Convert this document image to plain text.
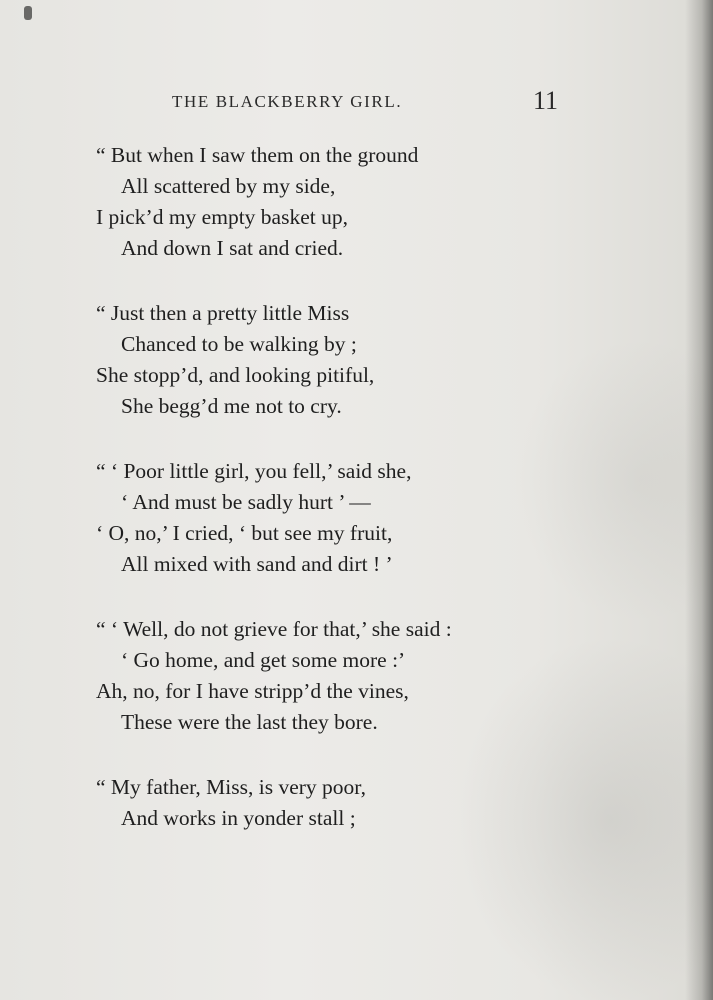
THE BLACKBERRY GIRL.	11
“ But when I saw them on the ground
All scattered by my side,
I pick’d my empty basket up,
And down I sat and cried.
“ Just then a pretty little Miss
Chanced to be walking by ;
She stopp’d, and looking pitiful,
She begg’d me not to cry.
“ ‘ Poor little girl, you fell,’ said she,
‘ And must be sadly hurt ’ —
‘ O, no,’ I cried, ‘ but see my fruit,
All mixed with sand and dirt ! ’
“ ‘ Well, do not grieve for that,’ she said :
‘ Go home, and get some more :’
Ah, no, for I have stripp’d the vines,
These were the last they bore.
“ My father, Miss, is very poor,
And works in yonder stall ;
